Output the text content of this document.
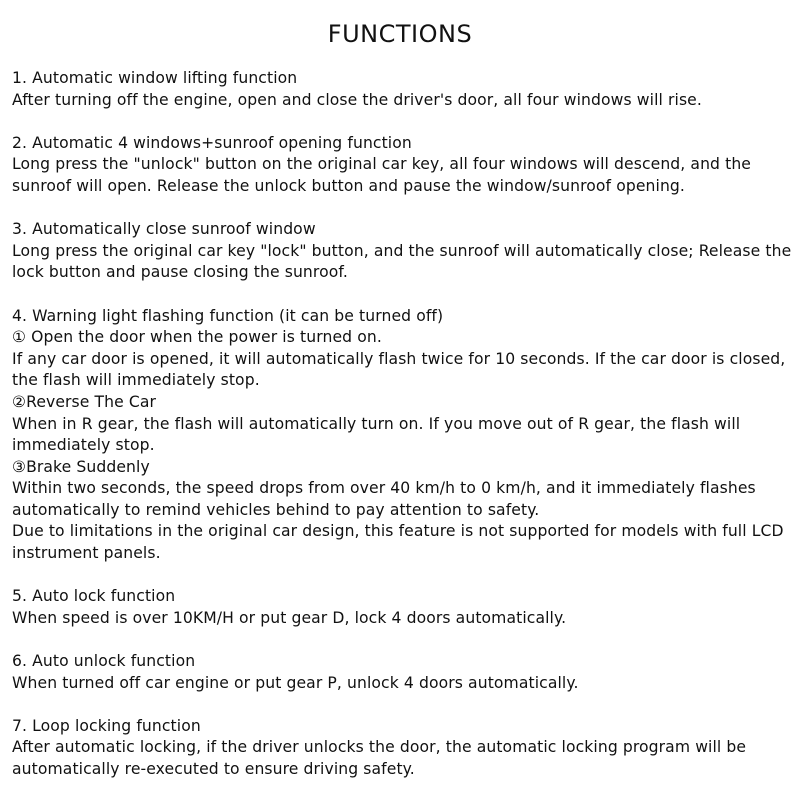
FUNCTIONS
1. Automatic window lifting function
After turning off the engine, open and close the driver's door, all four windows will rise.
2. Automatic 4 windows+sunroof opening function
Long press the "unlock" button on the original car key, all four windows will descend, and the sunroof will open. Release the unlock button and pause the window/sunroof opening.
3. Automatically close sunroof window
Long press the original car key "lock" button, and the sunroof will automatically close; Release the lock button and pause closing the sunroof.
4. Warning light flashing function (it can be turned off)
① Open the door when the power is turned on.
If any car door is opened, it will automatically flash twice for 10 seconds. If the car door is closed, the flash will immediately stop.
②Reverse The Car
When in R gear, the flash will automatically turn on. If you move out of R gear, the flash will immediately stop.
③Brake Suddenly
Within two seconds, the speed drops from over 40 km/h to 0 km/h, and it immediately flashes automatically to remind vehicles behind to pay attention to safety.
Due to limitations in the original car design, this feature is not supported for models with full LCD instrument panels.
5. Auto lock function
When speed is over 10KM/H or put gear D, lock 4 doors automatically.
6. Auto unlock function
When turned off car engine or put gear P, unlock 4 doors automatically.
7. Loop locking function
After automatic locking, if the driver unlocks the door, the automatic locking program will be automatically re-executed to ensure driving safety.
